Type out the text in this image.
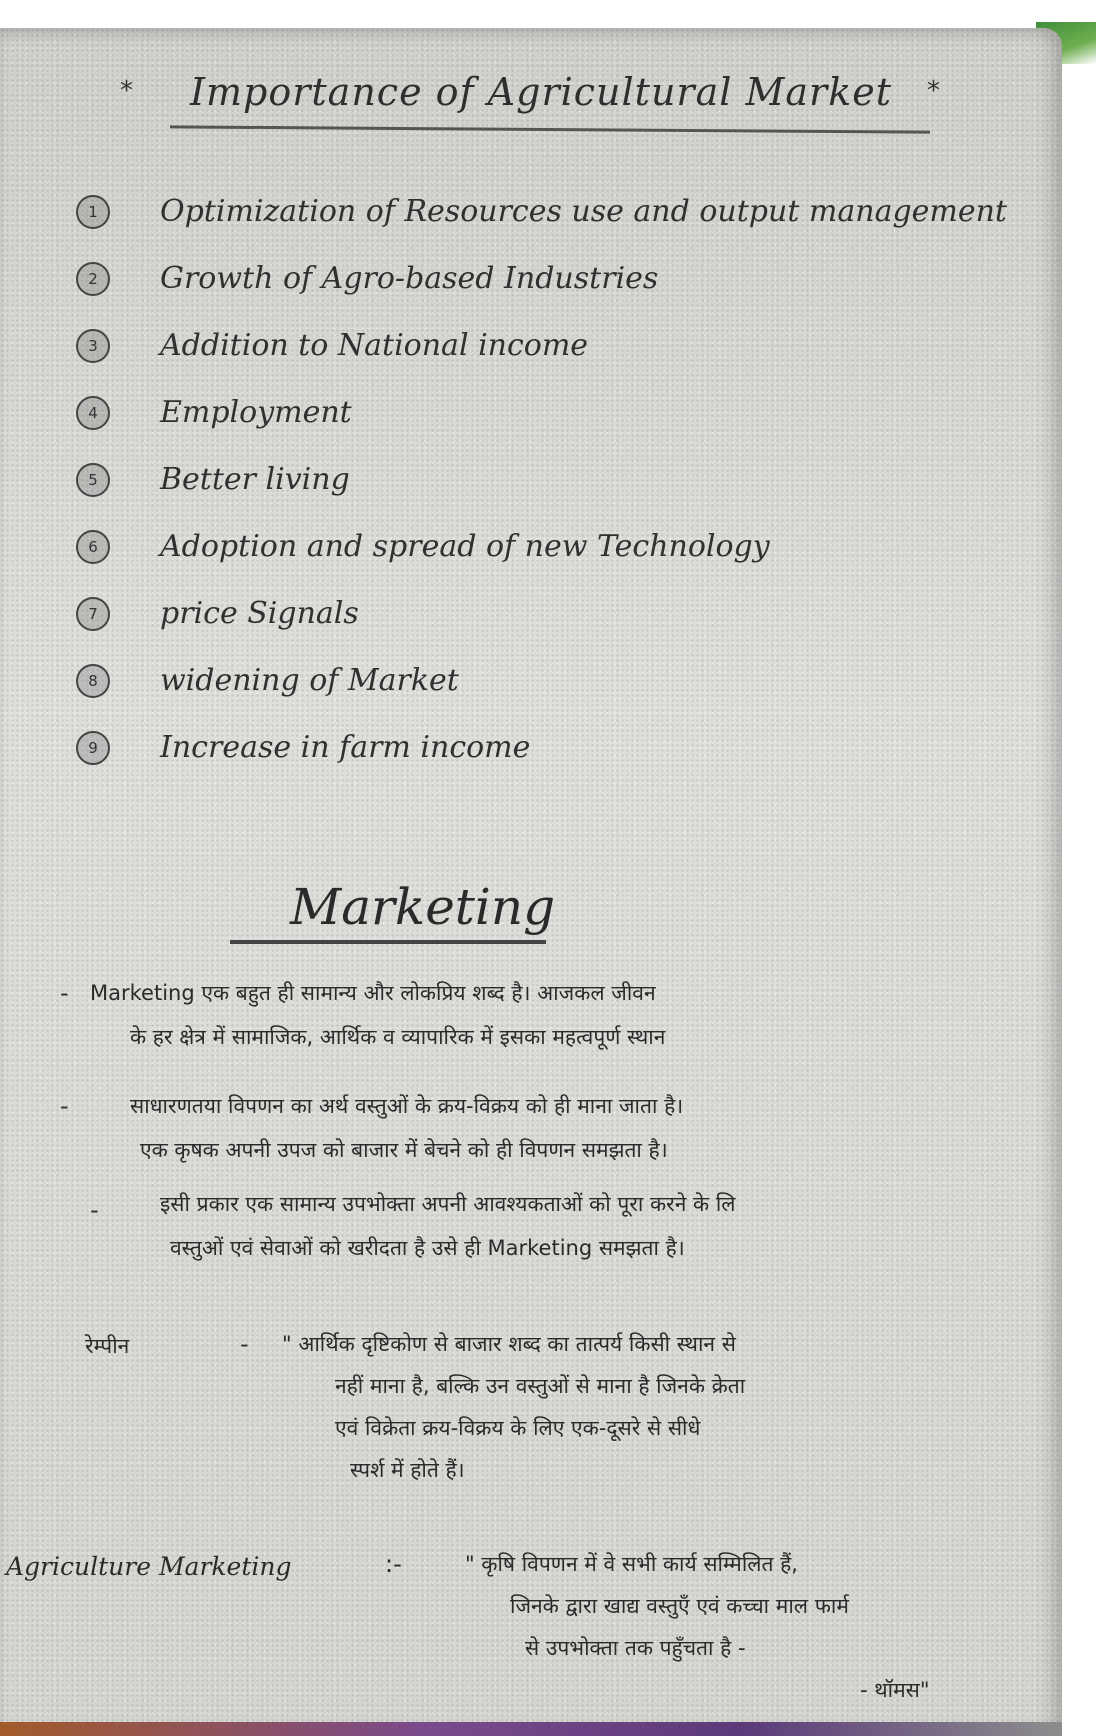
* Importance of Agricultural Market *
1	Optimization of Resources use and output management
2	Growth of Agro-based Industries
3	Addition to National income
4	Employment
5	Better living
6	Adoption and spread of new Technology
7	price Signals
8	widening of Market
9	Increase in farm income
Marketing
- Marketing एक बहुत ही सामान्य और लोकप्रिय शब्द है। आजकल जीवन
के हर क्षेत्र में सामाजिक, आर्थिक व व्यापारिक में इसका महत्वपूर्ण स्थान
-	साधारणतया विपणन का अर्थ वस्तुओं के क्रय-विक्रय को ही माना जाता है।
एक कृषक अपनी उपज को बाजार में बेचने को ही विपणन समझता है।
-	इसी प्रकार एक सामान्य उपभोक्ता अपनी आवश्यकताओं को पूरा करने के लि
वस्तुओं एवं सेवाओं को खरीदता है उसे ही Marketing समझता है।
रेम्पीन	- " आर्थिक दृष्टिकोण से बाजार शब्द का तात्पर्य किसी स्थान से
नहीं माना है, बल्कि उन वस्तुओं से माना है जिनके क्रेता
एवं विक्रेता क्रय-विक्रय के लिए एक-दूसरे से सीधे
स्पर्श में होते हैं।
Agriculture Marketing	:-	" कृषि विपणन में वे सभी कार्य सम्मिलित हैं,
जिनके द्वारा खाद्य वस्तुएँ एवं कच्चा माल फार्म
से उपभोक्ता तक पहुँचता है -
- थॉमस"
